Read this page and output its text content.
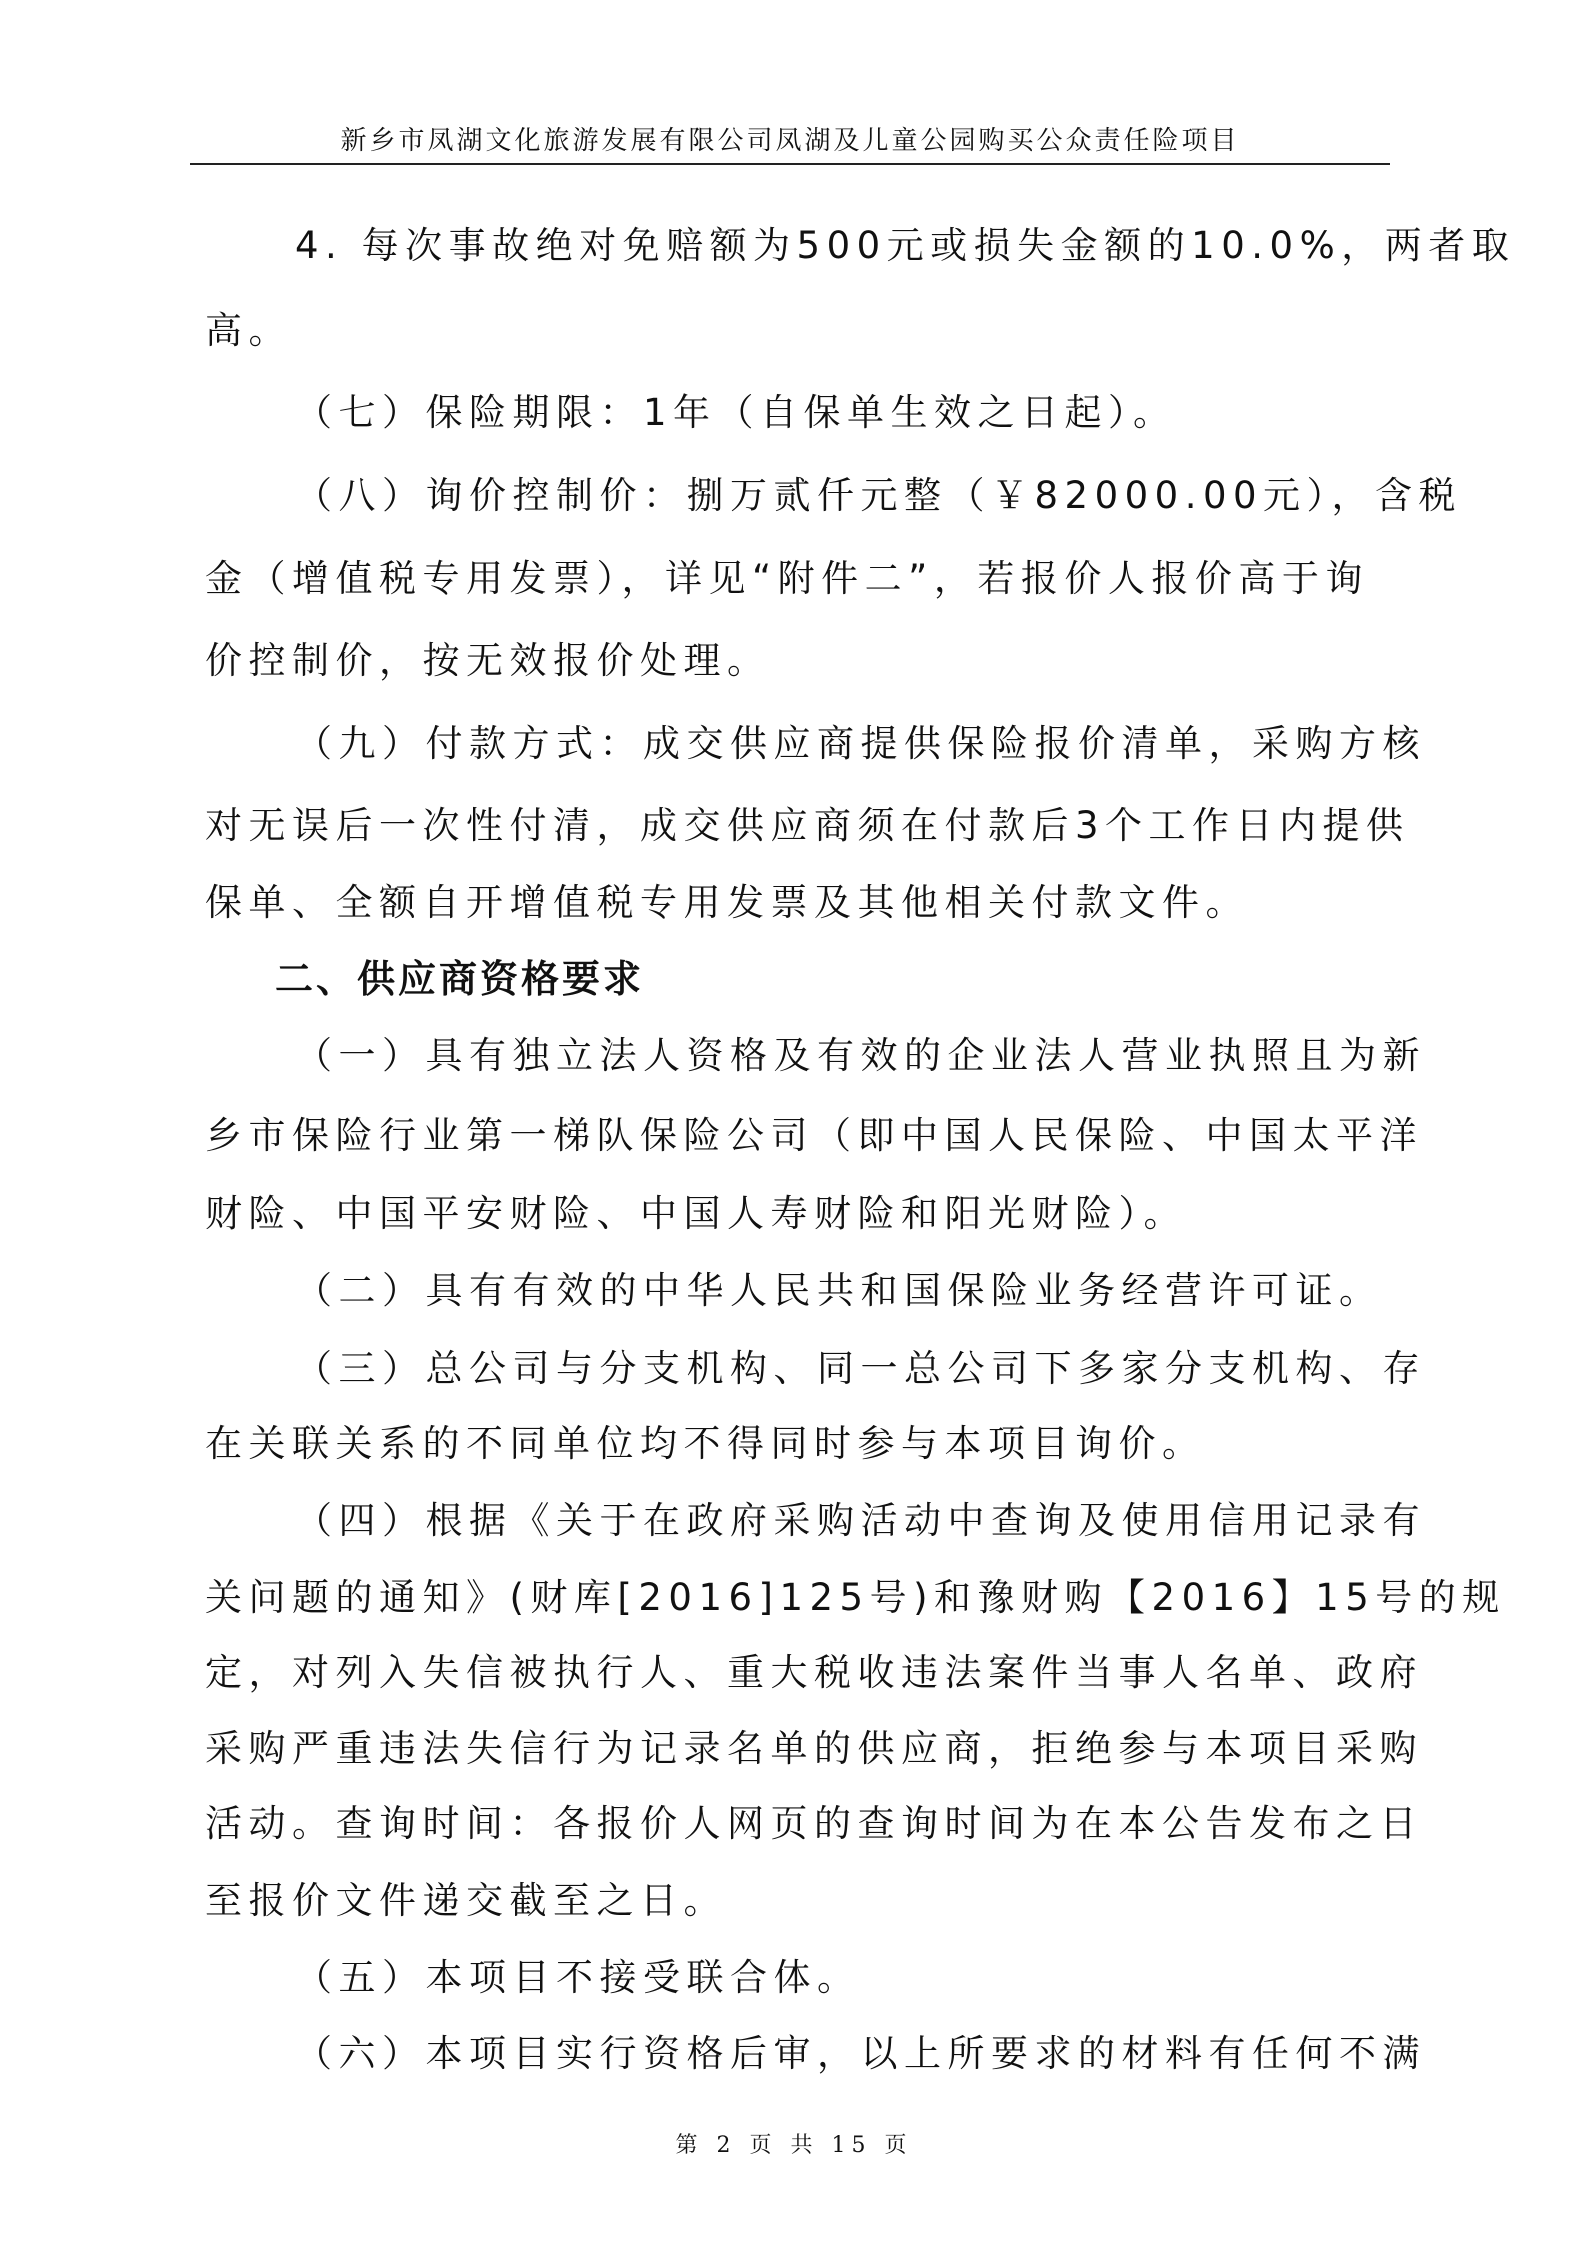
新乡市凤湖文化旅游发展有限公司凤湖及儿童公园购买公众责任险项目
4. 每次事故绝对免赔额为500元或损失金额的10.0%，两者取
高。
（七）保险期限：1年（自保单生效之日起）。
（八）询价控制价：捌万贰仟元整（￥82000.00元），含税
金（增值税专用发票），详见“附件二”，若报价人报价高于询
价控制价，按无效报价处理。
（九）付款方式：成交供应商提供保险报价清单，采购方核
对无误后一次性付清，成交供应商须在付款后3个工作日内提供
保单、全额自开增值税专用发票及其他相关付款文件。
二、供应商资格要求
（一）具有独立法人资格及有效的企业法人营业执照且为新
乡市保险行业第一梯队保险公司（即中国人民保险、中国太平洋
财险、中国平安财险、中国人寿财险和阳光财险）。
（二）具有有效的中华人民共和国保险业务经营许可证。
（三）总公司与分支机构、同一总公司下多家分支机构、存
在关联关系的不同单位均不得同时参与本项目询价。
（四）根据《关于在政府采购活动中查询及使用信用记录有
关问题的通知》(财库[2016]125号)和豫财购【2016】15号的规
定，对列入失信被执行人、重大税收违法案件当事人名单、政府
采购严重违法失信行为记录名单的供应商，拒绝参与本项目采购
活动。查询时间：各报价人网页的查询时间为在本公告发布之日
至报价文件递交截至之日。
（五）本项目不接受联合体。
（六）本项目实行资格后审，以上所要求的材料有任何不满
第 2 页 共 15 页
